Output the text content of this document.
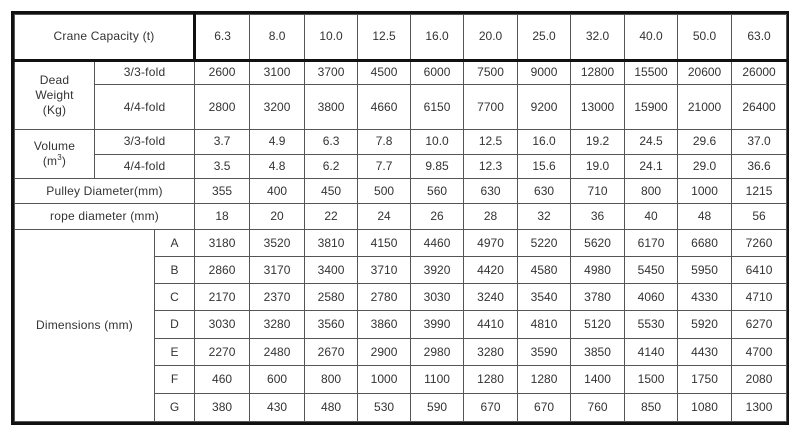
Crane Capacity (t)			6.3	8.0	10.0	12.5	16.0	20.0	25.0	32.0	40.0	50.0	63.0

Dead
Weight
(Kg)	3/3-fold		2600	3100	3700	4500	6000	7500	9000	12800	15500	20600	26000
	4/4-fold		2800	3200	3800	4660	6150	7700	9200	13000	15900	21000	26400

Volume
$(m^3)$	3/3-fold		3.7	4.9	6.3	7.8	10.0	12.5	16.0	19.2	24.5	29.6	37.0
	4/4-fold		3.5	4.8	6.2	7.7	9.85	12.3	15.6	19.0	24.1	29.0	36.6
Pulley Diameter(mm)			355	400	450	500	560	630	630	710	800	1000	1215
rope diameter (mm)			18	20	22	24	26	28	32	36	40	48	56
Dimensions (mm)		A	3180	3520	3810	4150	4460	4970	5220	5620	6170	6680	7260
		B	2860	3170	3400	3710	3920	4420	4580	4980	5450	5950	6410
		C	2170	2370	2580	2780	3030	3240	3540	3780	4060	4330	4710
		D	3030	3280	3560	3860	3990	4410	4810	5120	5530	5920	6270
		E	2270	2480	2670	2900	2980	3280	3590	3850	4140	4430	4700
		F	460	600	800	1000	1100	1280	1280	1400	1500	1750	2080
		G	380	430	480	530	590	670	670	760	850	1080	1300
